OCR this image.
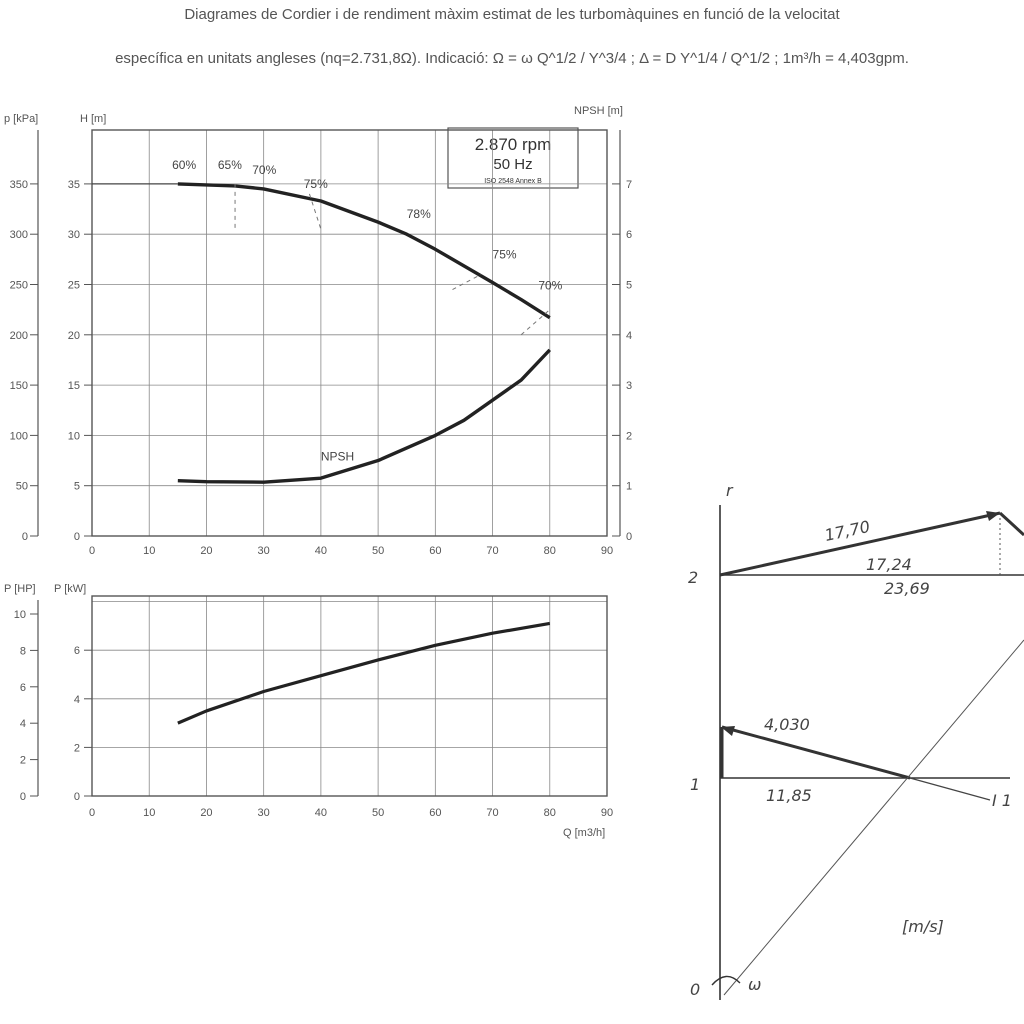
Diagrames de Cordier i de rendiment màxim estimat de les turbomàquines en funció de la velocitat
específica en unitats angleses (nq=2.731,8Ω). Indicació: Ω = ω Q^1/2 / Y^3/4 ; Δ = D Y^1/4 / Q^1/2 ; 1m³/h = 4,403gpm.
2.870 rpm
50 Hz
ISO 2548 Annex B
r
2
1
0
17,70
17,24
23,69
4,030
11,85	I 1
[m/s]
ω
p [kPa]
0
50
100
150
200
250
300
350
H [m]
0
5
10
15
20
25
30
35
NPSH [m]
0
1
2
3
4
5
6
7
0	10	20	30	40	50	60	70	80	90
NPSH
60% 65% 70%
75%
78%
75%
70%
P [HP]
0
2
4
6
8
10
P [kW]
0
2
4
6
0	10	20	30	40	50	60	70	80	90
Q [m3/h]
